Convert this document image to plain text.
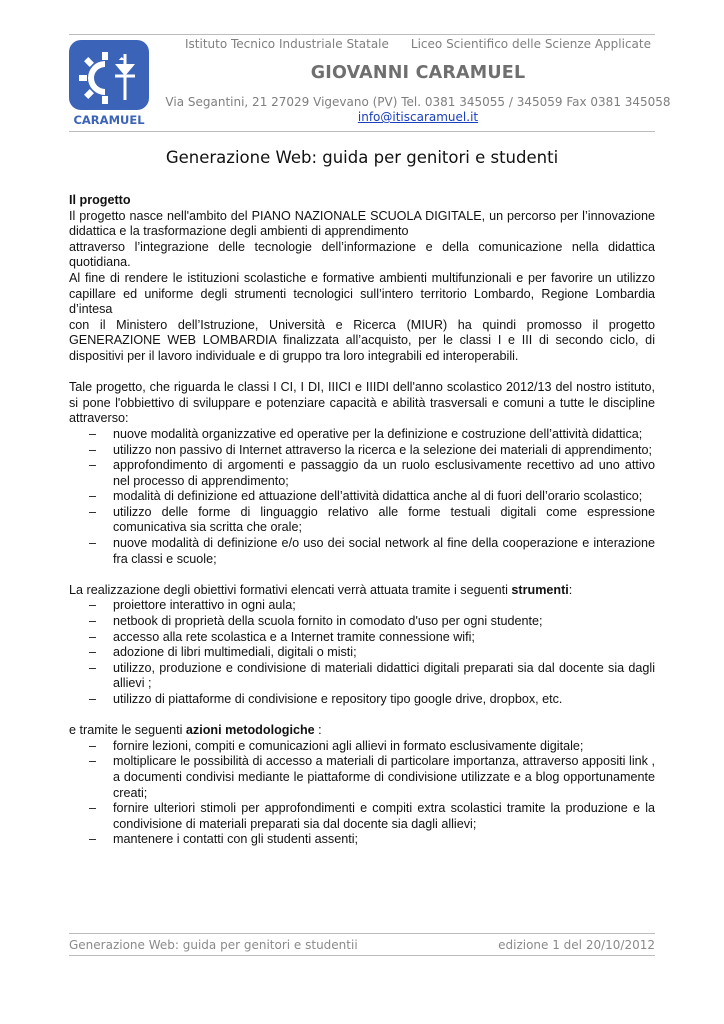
CARAMUEL
Istituto Tecnico Industriale Statale Liceo Scientifico delle Scienze Applicate
GIOVANNI CARAMUEL
Via Segantini, 21 27029 Vigevano (PV) Tel. 0381 345055 / 345059 Fax 0381 345058
info@itiscaramuel.it
Generazione Web: guida per genitori e studenti

Il progetto

Il progetto nasce nell'ambito del PIANO NAZIONALE SCUOLA DIGITALE, un percorso per l’innovazione didattica e la trasformazione degli ambienti di apprendimento

attraverso l’integrazione delle tecnologie dell’informazione e della comunicazione nella didattica quotidiana.

Al fine di rendere le istituzioni scolastiche e formative ambienti multifunzionali e per favorire un utilizzo capillare ed uniforme degli strumenti tecnologici sull’intero territorio Lombardo, Regione Lombardia d’intesa

con il Ministero dell’Istruzione, Università e Ricerca (MIUR) ha quindi promosso il progetto GENERAZIONE WEB LOMBARDIA finalizzata all’acquisto, per le classi I e III di secondo ciclo, di dispositivi per il lavoro individuale e di gruppo tra loro integrabili ed interoperabili.

Tale progetto, che riguarda le classi I CI, I DI, IIICI e IIIDI dell'anno scolastico 2012/13 del nostro istituto, si pone l'obbiettivo di sviluppare e potenziare capacità e abilità trasversali e comuni a tutte le discipline attraverso:

– nuove modalità organizzative ed operative per la definizione e costruzione dell’attività didattica;
– utilizzo non passivo di Internet attraverso la ricerca e la selezione dei materiali di apprendimento;
– approfondimento di argomenti e passaggio da un ruolo esclusivamente recettivo ad uno attivo nel processo di apprendimento;
– modalità di definizione ed attuazione dell’attività didattica anche al di fuori dell’orario scolastico;
– utilizzo delle forme di linguaggio relativo alle forme testuali digitali come espressione comunicativa sia scritta che orale;
– nuove modalità di definizione e/o uso dei social network al fine della cooperazione e interazione fra classi e scuole;

La realizzazione degli obiettivi formativi elencati verrà attuata tramite i seguenti strumenti:

– proiettore interattivo in ogni aula;
– netbook di proprietà della scuola fornito in comodato d'uso per ogni studente;
– accesso alla rete scolastica e a Internet tramite connessione wifi;
– adozione di libri multimediali, digitali o misti;
– utilizzo, produzione e condivisione di materiali didattici digitali preparati sia dal docente sia dagli allievi ;
– utilizzo di piattaforme di condivisione e repository tipo google drive, dropbox, etc.

e tramite le seguenti azioni metodologiche :

– fornire lezioni, compiti e comunicazioni agli allievi in formato esclusivamente digitale;
– moltiplicare le possibilità di accesso a materiali di particolare importanza, attraverso appositi link , a documenti condivisi mediante le piattaforme di condivisione utilizzate e a blog opportunamente creati;
– fornire ulteriori stimoli per approfondimenti e compiti extra scolastici tramite la produzione e la condivisione di materiali preparati sia dal docente sia dagli allievi;
– mantenere i contatti con gli studenti assenti;
Generazione Web: guida per genitori e studentii	edizione 1 del 20/10/2012
